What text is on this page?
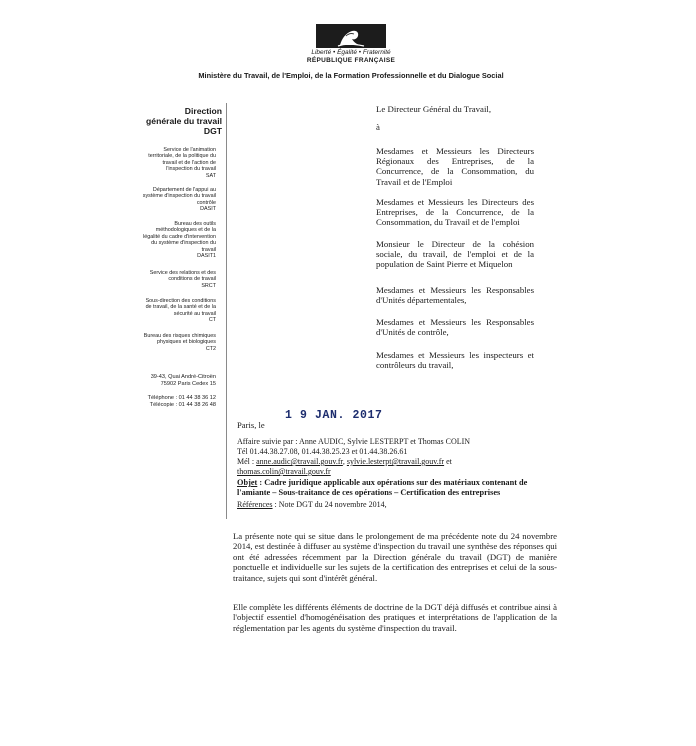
Liberté • Égalité • Fraternité
RÉPUBLIQUE FRANÇAISE
Ministère du Travail, de l'Emploi, de la Formation Professionnelle et du Dialogue Social
Direction
générale du travail
DGT
Service de l'animation
territoriale, de la politique du
travail et de l'action de
l'inspection du travail
SAT
Département de l'appui au
système d'inspection du travail
contrôle
DASIT
Bureau des outils
méthodologiques et de la
légalité du cadre d'intervention
du système d'inspection du
travail
DASIT1
Service des relations et des
conditions de travail
SRCT
Sous-direction des conditions
de travail, de la santé et de la
sécurité au travail
CT
Bureau des risques chimiques
physiques et biologiques
CT2
39-43, Quai André-Citroën
75902 Paris Cedex 15
Téléphone : 01 44 38 36 12
Télécopie : 01 44 38 26 48
Le Directeur Général du Travail,
à
Mesdames et Messieurs les Directeurs Régionaux des Entreprises, de la Concurrence, de la Consommation, du Travail et de l'Emploi
Mesdames et Messieurs les Directeurs des Entreprises, de la Concurrence, de la Consommation, du Travail et de l'emploi
Monsieur le Directeur de la cohésion sociale, du travail, de l'emploi et de la population de Saint Pierre et Miquelon
Mesdames et Messieurs les Responsables d'Unités départementales,
Mesdames et Messieurs les Responsables d'Unités de contrôle,
Mesdames et Messieurs les inspecteurs et contrôleurs du travail,
Paris, le
1 9 JAN. 2017
Affaire suivie par : Anne AUDIC, Sylvie LESTERPT et Thomas COLIN
Tél 01.44.38.27.08, 01.44.38.25.23 et 01.44.38.26.61
Mél : anne.audic@travail.gouv.fr, sylvie.lesterpt@travail.gouv.fr et
thomas.colin@travail.gouv.fr
Objet : Cadre juridique applicable aux opérations sur des matériaux contenant de l'amiante – Sous-traitance de ces opérations – Certification des entreprises
Références : Note DGT du 24 novembre 2014,
La présente note qui se situe dans le prolongement de ma précédente note du 24 novembre 2014, est destinée à diffuser au système d'inspection du travail une synthèse des réponses qui ont été adressées récemment par la Direction générale du travail (DGT) de manière ponctuelle et individuelle sur les sujets de la certification des entreprises et celui de la sous-traitance, sujets qui sont d'intérêt général.
Elle complète les différents éléments de doctrine de la DGT déjà diffusés et contribue ainsi à l'objectif essentiel d'homogénéisation des pratiques et interprétations de l'application de la réglementation par les agents du système d'inspection du travail.
